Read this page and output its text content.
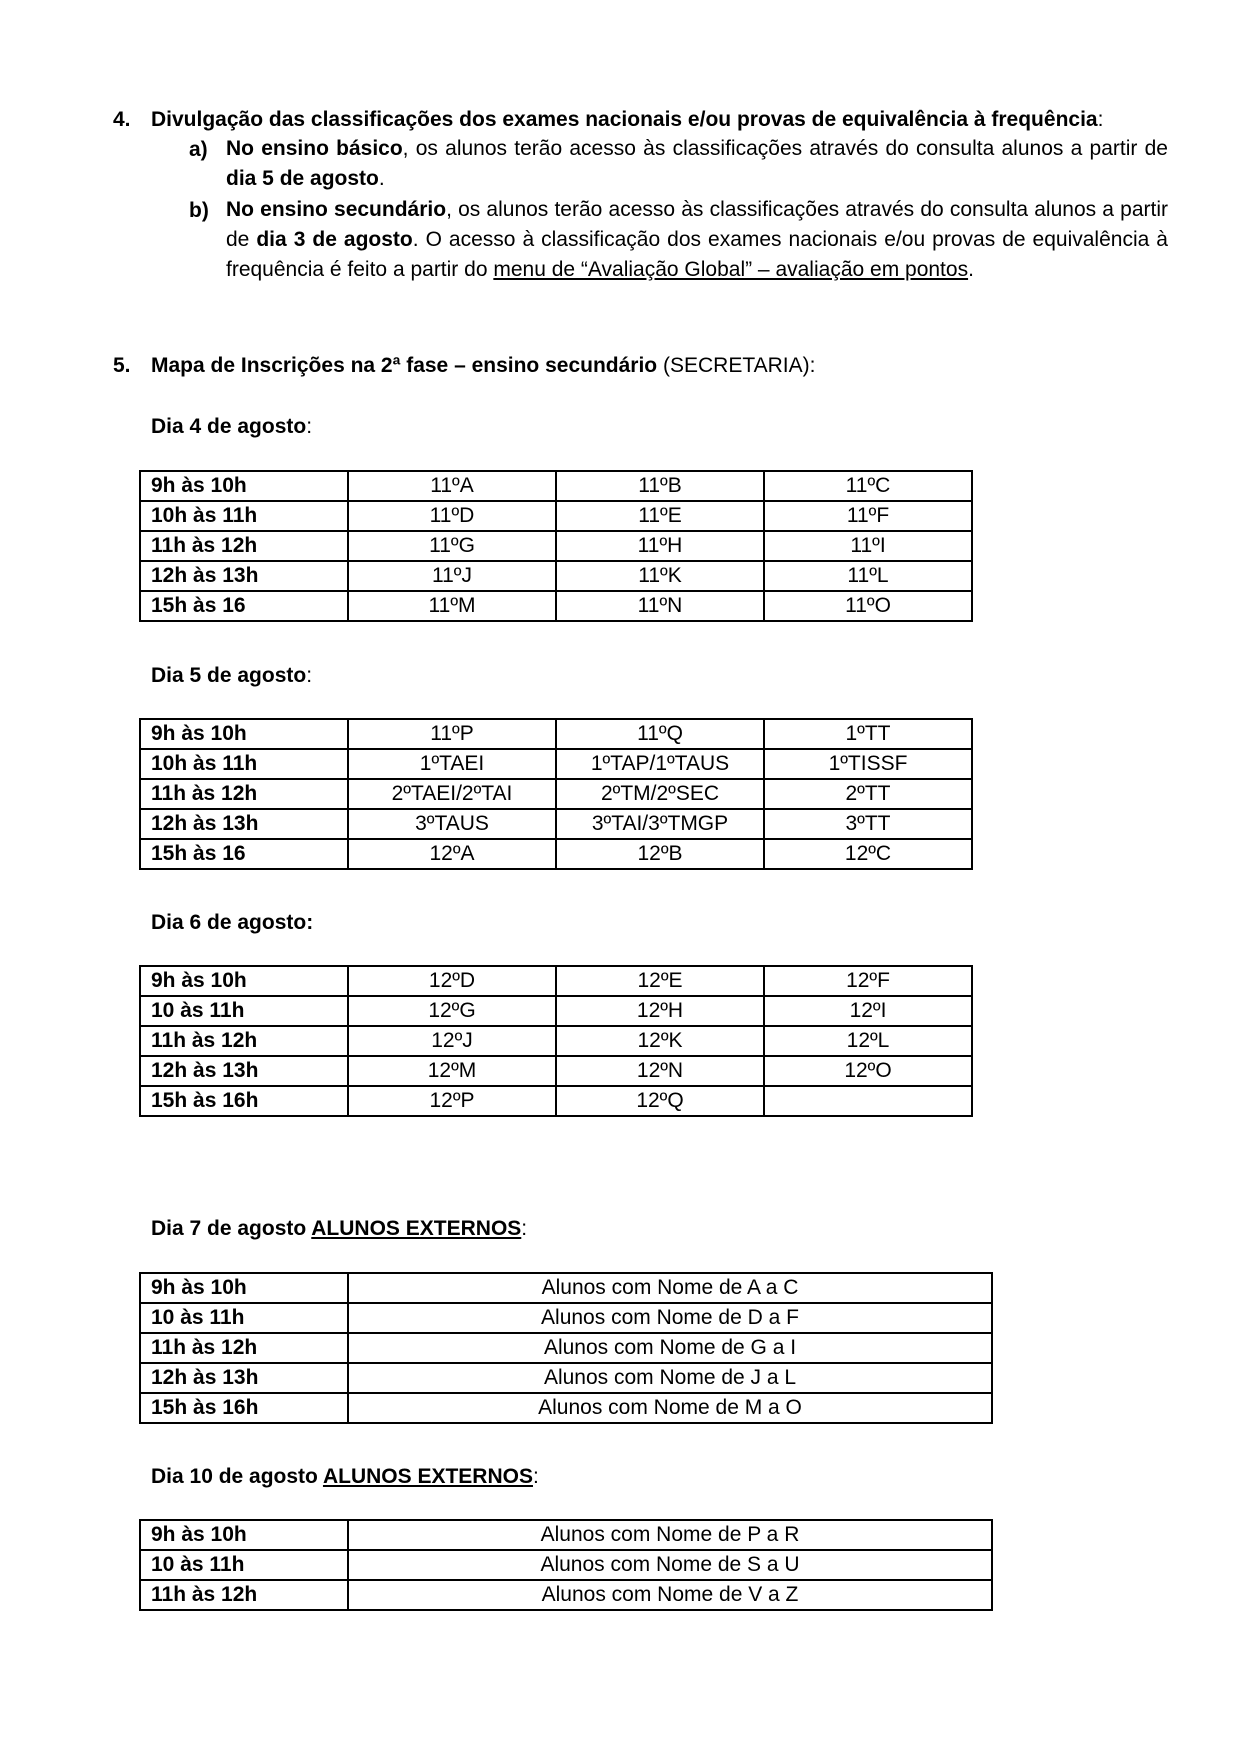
4. Divulgação das classificações dos exames nacionais e/ou provas de equivalência à frequência:
a) No ensino básico, os alunos terão acesso às classificações através do consulta alunos a partir de dia 5 de agosto.
b) No ensino secundário, os alunos terão acesso às classificações através do consulta alunos a partir de dia 3 de agosto. O acesso à classificação dos exames nacionais e/ou provas de equivalência à frequência é feito a partir do menu de “Avaliação Global” – avaliação em pontos.
5. Mapa de Inscrições na 2ª fase – ensino secundário (SECRETARIA):
Dia 4 de agosto:
9h às 10h	11ºA	11ºB	11ºC
10h às 11h	11ºD	11ºE	11ºF
11h às 12h	11ºG	11ºH	11ºI
12h às 13h	11ºJ	11ºK	11ºL
15h às 16	11ºM	11ºN	11ºO
Dia 5 de agosto:
9h às 10h	11ºP	11ºQ	1ºTT
10h às 11h	1ºTAEI	1ºTAP/1ºTAUS	1ºTISSF
11h às 12h	2ºTAEI/2ºTAI	2ºTM/2ºSEC	2ºTT
12h às 13h	3ºTAUS	3ºTAI/3ºTMGP	3ºTT
15h às 16	12ºA	12ºB	12ºC
Dia 6 de agosto:
9h às 10h	12ºD	12ºE	12ºF
10 às 11h	12ºG	12ºH	12ºI
11h às 12h	12ºJ	12ºK	12ºL
12h às 13h	12ºM	12ºN	12ºO
15h às 16h	12ºP	12ºQ	
Dia 7 de agosto ALUNOS EXTERNOS:
9h às 10h	Alunos com Nome de A a C
10 às 11h	Alunos com Nome de D a F
11h às 12h	Alunos com Nome de G a I
12h às 13h	Alunos com Nome de J a L
15h às 16h	Alunos com Nome de M a O
Dia 10 de agosto ALUNOS EXTERNOS:
9h às 10h	Alunos com Nome de P a R
10 às 11h	Alunos com Nome de S a U
11h às 12h	Alunos com Nome de V a Z
